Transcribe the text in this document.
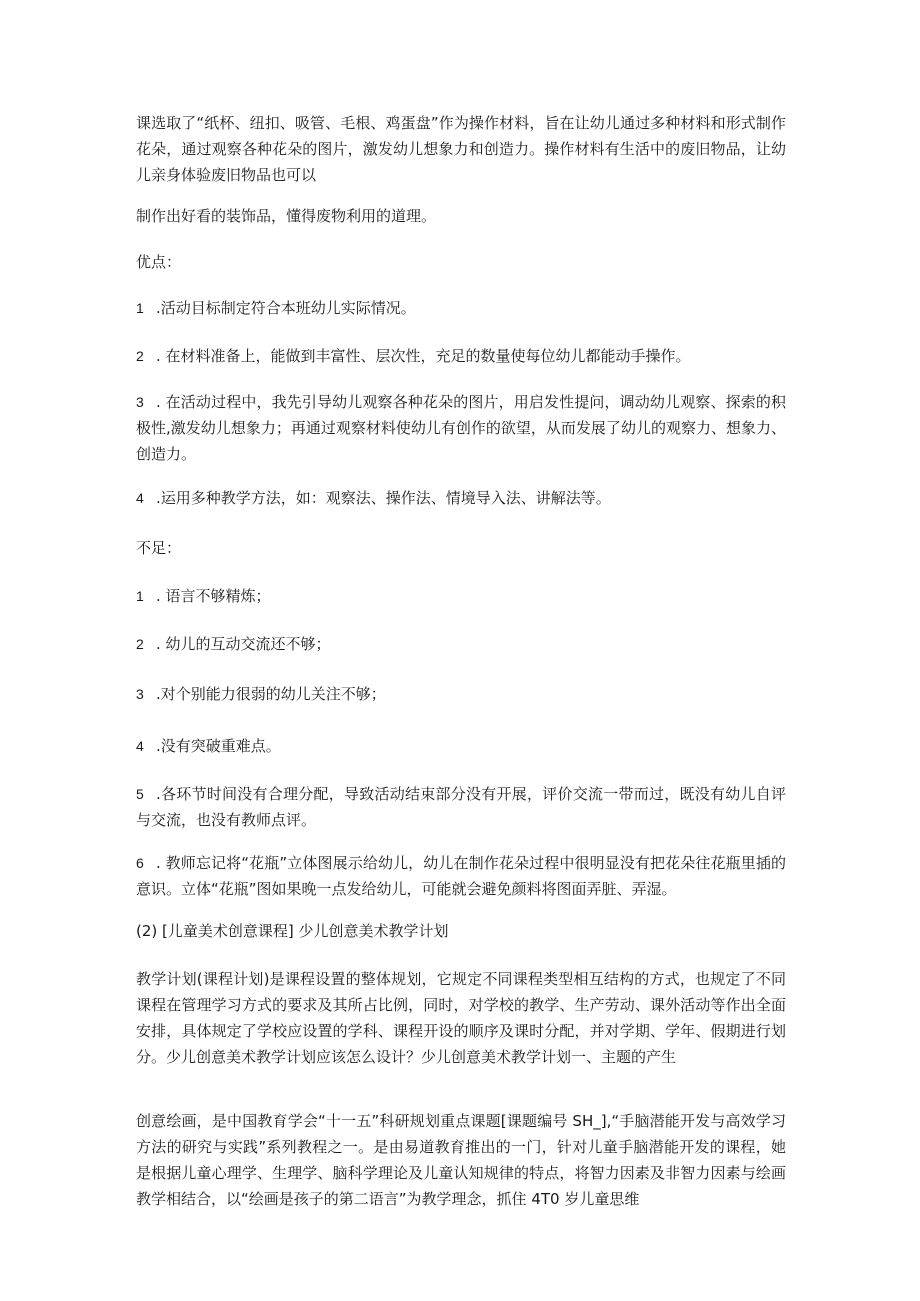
课选取了“纸杯、纽扣、吸管、毛根、鸡蛋盘”作为操作材料，旨在让幼儿通过多种材料和形式制作花朵，通过观察各种花朵的图片，激发幼儿想象力和创造力。操作材料有生活中的废旧物品，让幼儿亲身体验废旧物品也可以

制作出好看的装饰品，懂得废物利用的道理。

优点：

1 .活动目标制定符合本班幼儿实际情况。

2 . 在材料准备上，能做到丰富性、层次性，充足的数量使每位幼儿都能动手操作。

3 . 在活动过程中，我先引导幼儿观察各种花朵的图片，用启发性提问，调动幼儿观察、探索的积极性,激发幼儿想象力；再通过观察材料使幼儿有创作的欲望，从而发展了幼儿的观察力、想象力、创造力。

4 .运用多种教学方法，如：观察法、操作法、情境导入法、讲解法等。

不足：

1 . 语言不够精炼；

2 . 幼儿的互动交流还不够；

3 .对个别能力很弱的幼儿关注不够；

4 .没有突破重难点。

5 .各环节时间没有合理分配，导致活动结束部分没有开展，评价交流一带而过，既没有幼儿自评与交流，也没有教师点评。

6 . 教师忘记将“花瓶”立体图展示给幼儿，幼儿在制作花朵过程中很明显没有把花朵往花瓶里插的意识。立体“花瓶”图如果晚一点发给幼儿，可能就会避免颜料将图面弄脏、弄湿。

(2) [儿童美术创意课程] 少儿创意美术教学计划

教学计划(课程计划)是课程设置的整体规划，它规定不同课程类型相互结构的方式，也规定了不同课程在管理学习方式的要求及其所占比例，同时，对学校的教学、生产劳动、课外活动等作出全面安排，具体规定了学校应设置的学科、课程开设的顺序及课时分配，并对学期、学年、假期进行划分。少儿创意美术教学计划应该怎么设计？少儿创意美术教学计划一、主题的产生

创意绘画，是中国教育学会“十一五”科研规划重点课题[课题编号 SH_],“手脑潜能开发与高效学习方法的研究与实践”系列教程之一。是由易道教育推出的一门，针对儿童手脑潜能开发的课程，她是根据儿童心理学、生理学、脑科学理论及儿童认知规律的特点，将智力因素及非智力因素与绘画教学相结合，以“绘画是孩子的第二语言”为教学理念，抓住 4T0 岁儿童思维
